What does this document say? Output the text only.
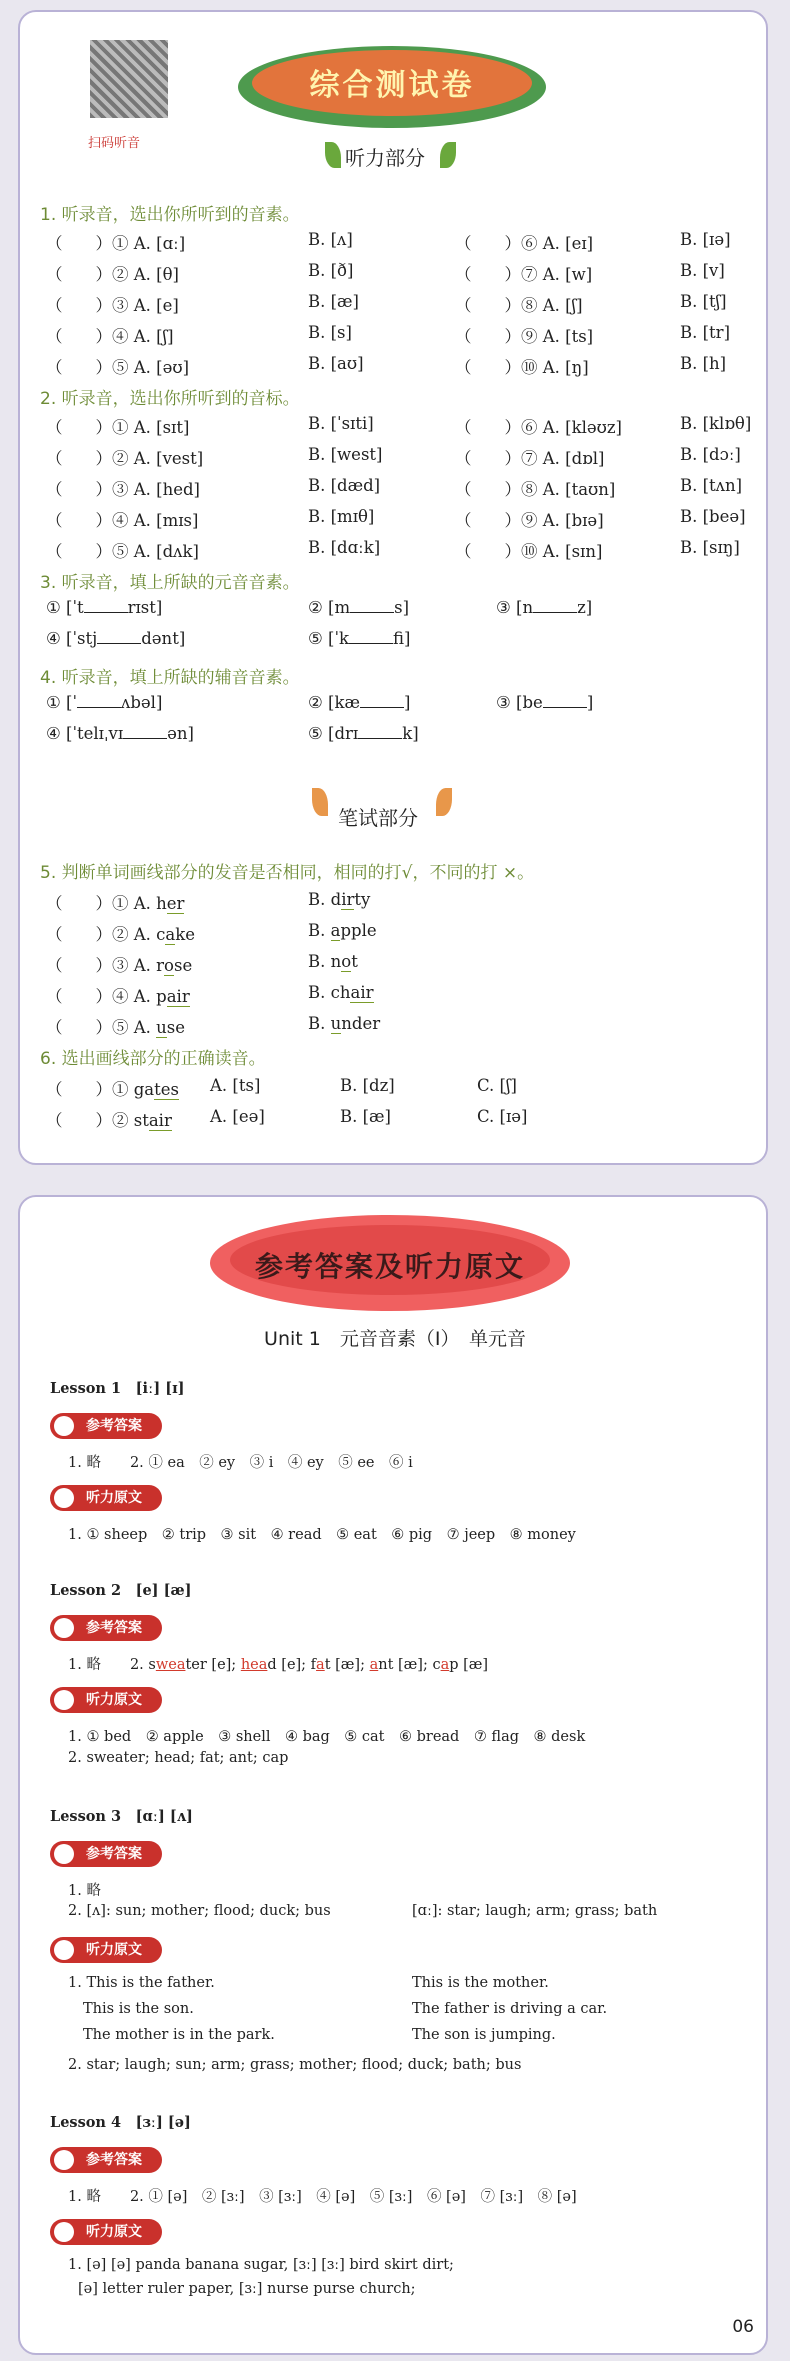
扫码听音
综合测试卷
听力部分
1. 听录音，选出你所听到的音素。
（　　）① A. [ɑː]	B. [ʌ]	（　　）⑥ A. [eɪ]	B. [ɪə]
（　　）② A. [θ]	B. [ð]	（　　）⑦ A. [w]	B. [v]
（　　）③ A. [e]	B. [æ]	（　　）⑧ A. [ʃ]	B. [tʃ]
（　　）④ A. [ʃ]	B. [s]	（　　）⑨ A. [ts]	B. [tr]
（　　）⑤ A. [əʊ]	B. [aʊ]	（　　）⑩ A. [ŋ]	B. [h]
2. 听录音，选出你所听到的音标。
（　　）① A. [sɪt]	B. [ˈsɪti]	（　　）⑥ A. [kləʊz]	B. [klɒθ]
（　　）② A. [vest]	B. [west]	（　　）⑦ A. [dɒl]	B. [dɔː]
（　　）③ A. [hed]	B. [dæd]	（　　）⑧ A. [taʊn]	B. [tʌn]
（　　）④ A. [mɪs]	B. [mɪθ]	（　　）⑨ A. [bɪə]	B. [beə]
（　　）⑤ A. [dʌk]	B. [dɑːk]	（　　）⑩ A. [sɪn]	B. [sɪŋ]
3. 听录音，填上所缺的元音音素。
① [ˈt	rɪst]	② [m	s]	③ [n	z]
④ [ˈstj	dənt]	⑤ [ˈk	fi]
4. 听录音，填上所缺的辅音音素。
① [ˈ	ʌbəl]	② [kæ	]	③ [be	]
④ [ˈtelɪˌvɪ	ən]	⑤ [drɪ	k]
笔试部分
5. 判断单词画线部分的发音是否相同，相同的打√，不同的打 ×。
（　　）① A. her	B. dirty
（　　）② A. cake	B. apple
（　　）③ A. rose	B. not
（　　）④ A. pair	B. chair
（　　）⑤ A. use	B. under
6. 选出画线部分的正确读音。
（　　）① gates A. [ts]	B. [dz]	C. [ʃ]
（　　）② stair A. [eə]	B. [æ]	C. [ɪə]
参考答案及听力原文
Unit 1　元音音素（Ⅰ）　单元音
Lesson 1　[iː] [ɪ]
参考答案
1. 略　　2. ① ea　② ey　③ i　④ ey　⑤ ee　⑥ i
听力原文
1. ① sheep　② trip　③ sit　④ read　⑤ eat　⑥ pig　⑦ jeep　⑧ money
Lesson 2　[e] [æ]
参考答案
1. 略　　2. sweater [e]; head [e]; fat [æ]; ant [æ]; cap [æ]
听力原文
1. ① bed　② apple　③ shell　④ bag　⑤ cat　⑥ bread　⑦ flag　⑧ desk
2. sweater; head; fat; ant; cap
Lesson 3　[ɑː] [ʌ]
参考答案
1. 略
2. [ʌ]: sun; mother; flood; duck; bus	[ɑː]: star; laugh; arm; grass; bath
听力原文
1. This is the father.	This is the mother.
This is the son.	The father is driving a car.
The mother is in the park.	The son is jumping.
2. star; laugh; sun; arm; grass; mother; flood; duck; bath; bus
Lesson 4　[ɜː] [ə]
参考答案
1. 略　　2. ① [ə]　② [ɜː]　③ [ɜː]　④ [ə]　⑤ [ɜː]　⑥ [ə]　⑦ [ɜː]　⑧ [ə]
听力原文
1. [ə] [ə] panda banana sugar, [ɜː] [ɜː] bird skirt dirt;
[ə] letter ruler paper, [ɜː] nurse purse church;
06
